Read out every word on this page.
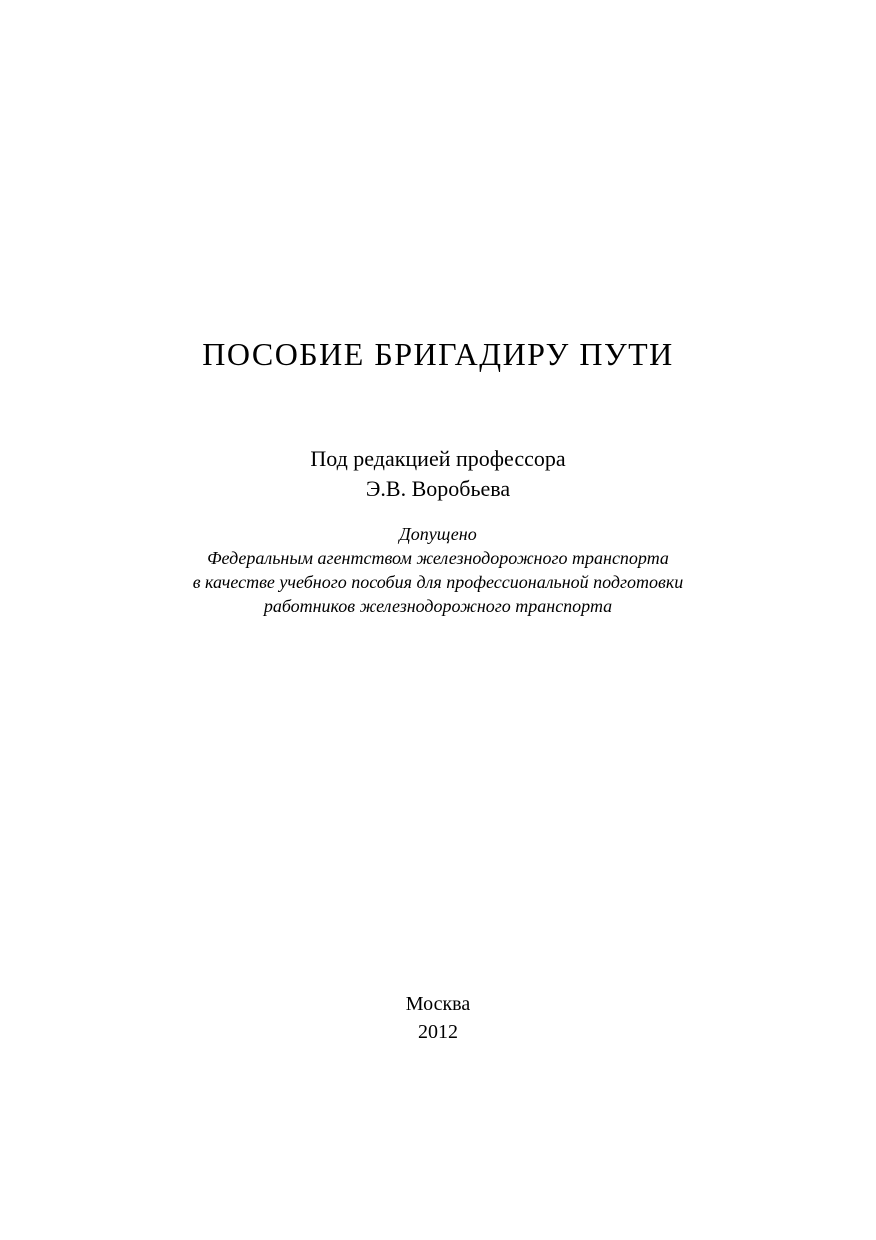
ПОСОБИЕ БРИГАДИРУ ПУТИ
Под редакцией профессора
Э.В. Воробьева
Допущено
Федеральным агентством железнодорожного транспорта
в качестве учебного пособия для профессиональной подготовки
работников железнодорожного транспорта
Москва
2012
